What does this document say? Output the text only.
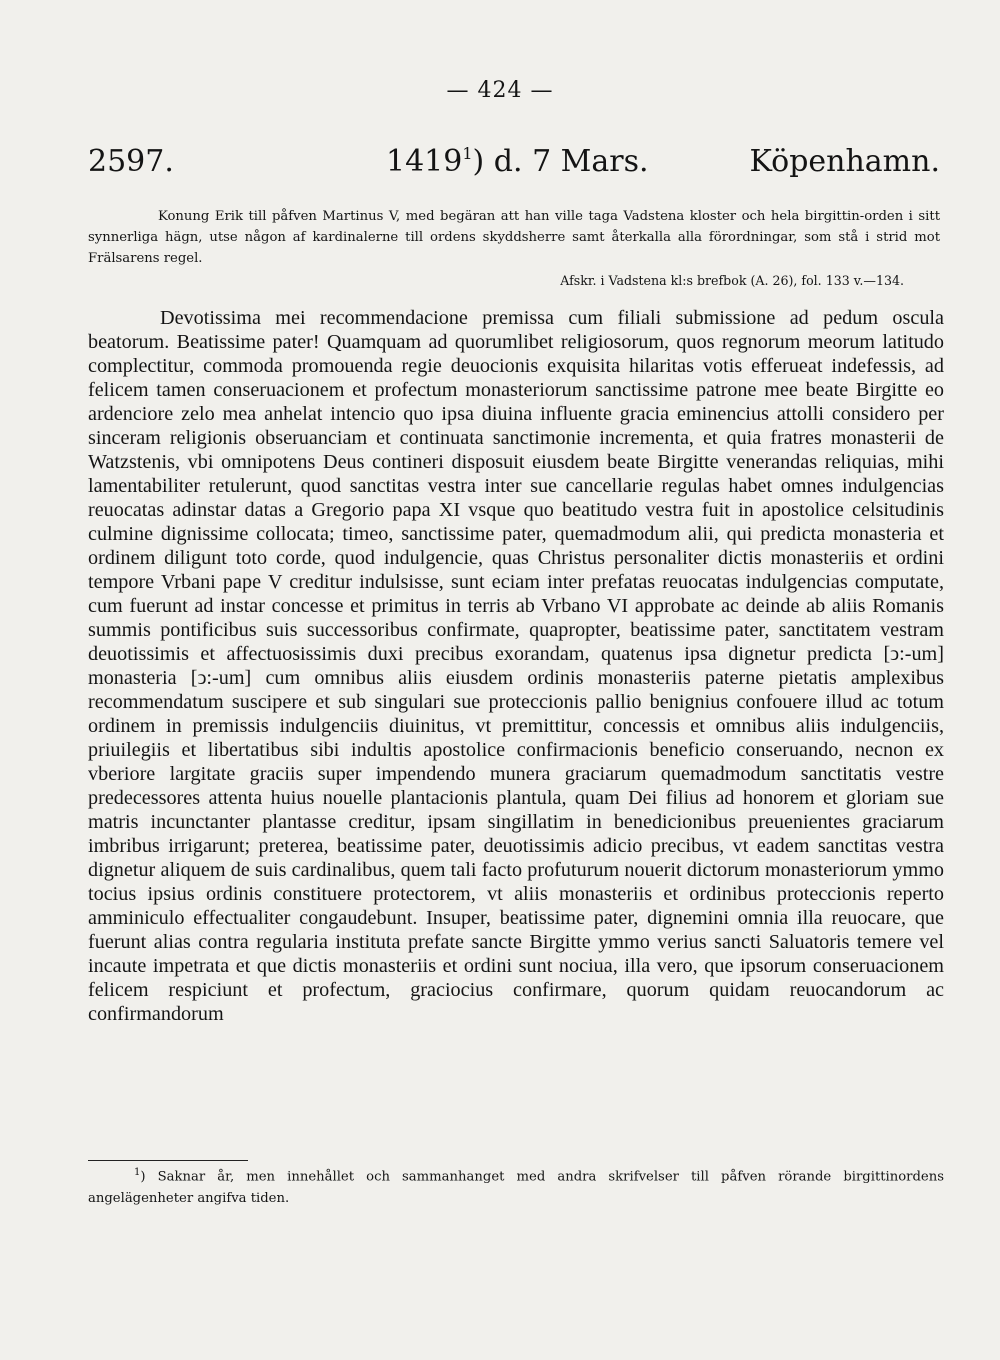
— 424 —
2597.	1419$^1$) d. 7 Mars.	Köpenhamn.
Konung Erik till påfven Martinus V, med begäran att han ville taga Vadstena kloster och hela birgittin-orden i sitt synnerliga hägn, utse någon af kardinalerne till ordens skyddsherre samt återkalla alla förordningar, som stå i strid mot Frälsarens regel.
Afskr. i Vadstena kl:s brefbok (A. 26), fol. 133 v.—134.

Devotissima mei recommendacione premissa cum filiali submissione ad pedum oscula beatorum. Beatissime pater! Quamquam ad quorumlibet religiosorum, quos regnorum meorum latitudo complectitur, commoda promouenda regie deuocionis exquisita hilaritas votis efferueat indefessis, ad felicem tamen conseruacionem et profectum monasteriorum sanctissime patrone mee beate Birgitte eo ardenciore zelo mea anhelat intencio quo ipsa diuina influente gracia eminencius attolli considero per sinceram religionis obseruanciam et continuata sanctimonie incrementa, et quia fratres monasterii de Watzstenis, vbi omnipotens Deus contineri disposuit eiusdem beate Birgitte venerandas reliquias, mihi lamentabiliter retulerunt, quod sanctitas vestra inter sue cancellarie regulas habet omnes indulgencias reuocatas adinstar datas a Gregorio papa XI vsque quo beatitudo vestra fuit in apostolice celsitudinis culmine dignissime collocata; timeo, sanctissime pater, quemadmodum alii, qui predicta monasteria et ordinem diligunt toto corde, quod indulgencie, quas Christus personaliter dictis monasteriis et ordini tempore Vrbani pape V creditur indulsisse, sunt eciam inter prefatas reuocatas indulgencias computate, cum fuerunt ad instar concesse et primitus in terris ab Vrbano VI approbate ac deinde ab aliis Romanis summis pontificibus suis successoribus confirmate, quapropter, beatissime pater, sanctitatem vestram deuotissimis et affectuosissimis duxi precibus exorandam, quatenus ipsa dignetur predicta [ↄ:-um] monasteria [ↄ:-um] cum omnibus aliis eiusdem ordinis monasteriis paterne pietatis amplexibus recommendatum suscipere et sub singulari sue proteccionis pallio benignius confouere illud ac totum ordinem in premissis indulgenciis diuinitus, vt premittitur, concessis et omnibus aliis indulgenciis, priuilegiis et libertatibus sibi indultis apostolice confirmacionis beneficio conseruando, necnon ex vberiore largitate graciis super impendendo munera graciarum quemadmodum sanctitatis vestre predecessores attenta huius nouelle plantacionis plantula, quam Dei filius ad honorem et gloriam sue matris incunctanter plantasse creditur, ipsam singillatim in benedicionibus preuenientes graciarum imbribus irrigarunt; preterea, beatissime pater, deuotissimis adicio precibus, vt eadem sanctitas vestra dignetur aliquem de suis cardinalibus, quem tali facto profuturum nouerit dictorum monasteriorum ymmo tocius ipsius ordinis constituere protectorem, vt aliis monasteriis et ordinibus proteccionis reperto amminiculo effectualiter congaudebunt. Insuper, beatissime pater, dignemini omnia illa reuocare, que fuerunt alias contra regularia instituta prefate sancte Birgitte ymmo verius sancti Saluatoris temere vel incaute impetrata et que dictis monasteriis et ordini sunt nociua, illa vero, que ipsorum conseruacionem felicem respiciunt et profectum, graciocius confirmare, quorum quidam reuocandorum ac confirmandorum

$^1$) Saknar år, men innehållet och sammanhanget med andra skrifvelser till påfven rörande birgittinordens angelägenheter angifva tiden.
